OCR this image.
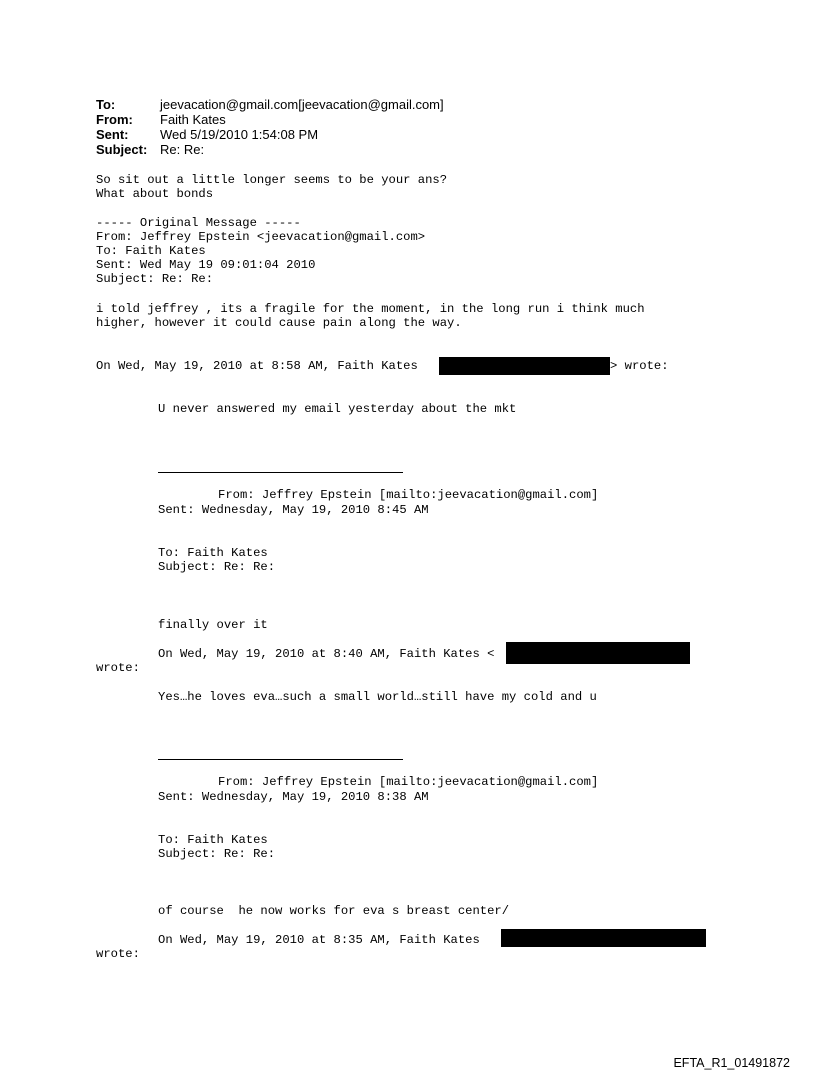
To:	jeevacation@gmail.com[jeevacation@gmail.com]
From: Faith Kates
Sent: Wed 5/19/2010 1:54:08 PM
Subject: Re: Re:

So sit out a little longer seems to be your ans?

What about bonds

----- Original Message -----

From: Jeffrey Epstein <jeevacation@gmail.com>

To: Faith Kates

Sent: Wed May 19 09:01:04 2010

Subject: Re: Re:

i told jeffrey , its a fragile for the moment, in the long run i think much

higher, however it could cause pain along the way.

On Wed, May 19, 2010 at 8:58 AM, Faith Kates

	> wrote:

U never answered my email yesterday about the mkt

From: Jeffrey Epstein [mailto:jeevacation@gmail.com]

Sent: Wednesday, May 19, 2010 8:45 AM

To: Faith Kates

Subject: Re: Re:

finally over it

On Wed, May 19, 2010 at 8:40 AM, Faith Kates <

wrote:

Yes…he loves eva…such a small world…still have my cold and u

From: Jeffrey Epstein [mailto:jeevacation@gmail.com]

Sent: Wednesday, May 19, 2010 8:38 AM

To: Faith Kates

Subject: Re: Re:

of course  he now works for eva s breast center/

On Wed, May 19, 2010 at 8:35 AM, Faith Kates

wrote:

EFTA_R1_01491872
